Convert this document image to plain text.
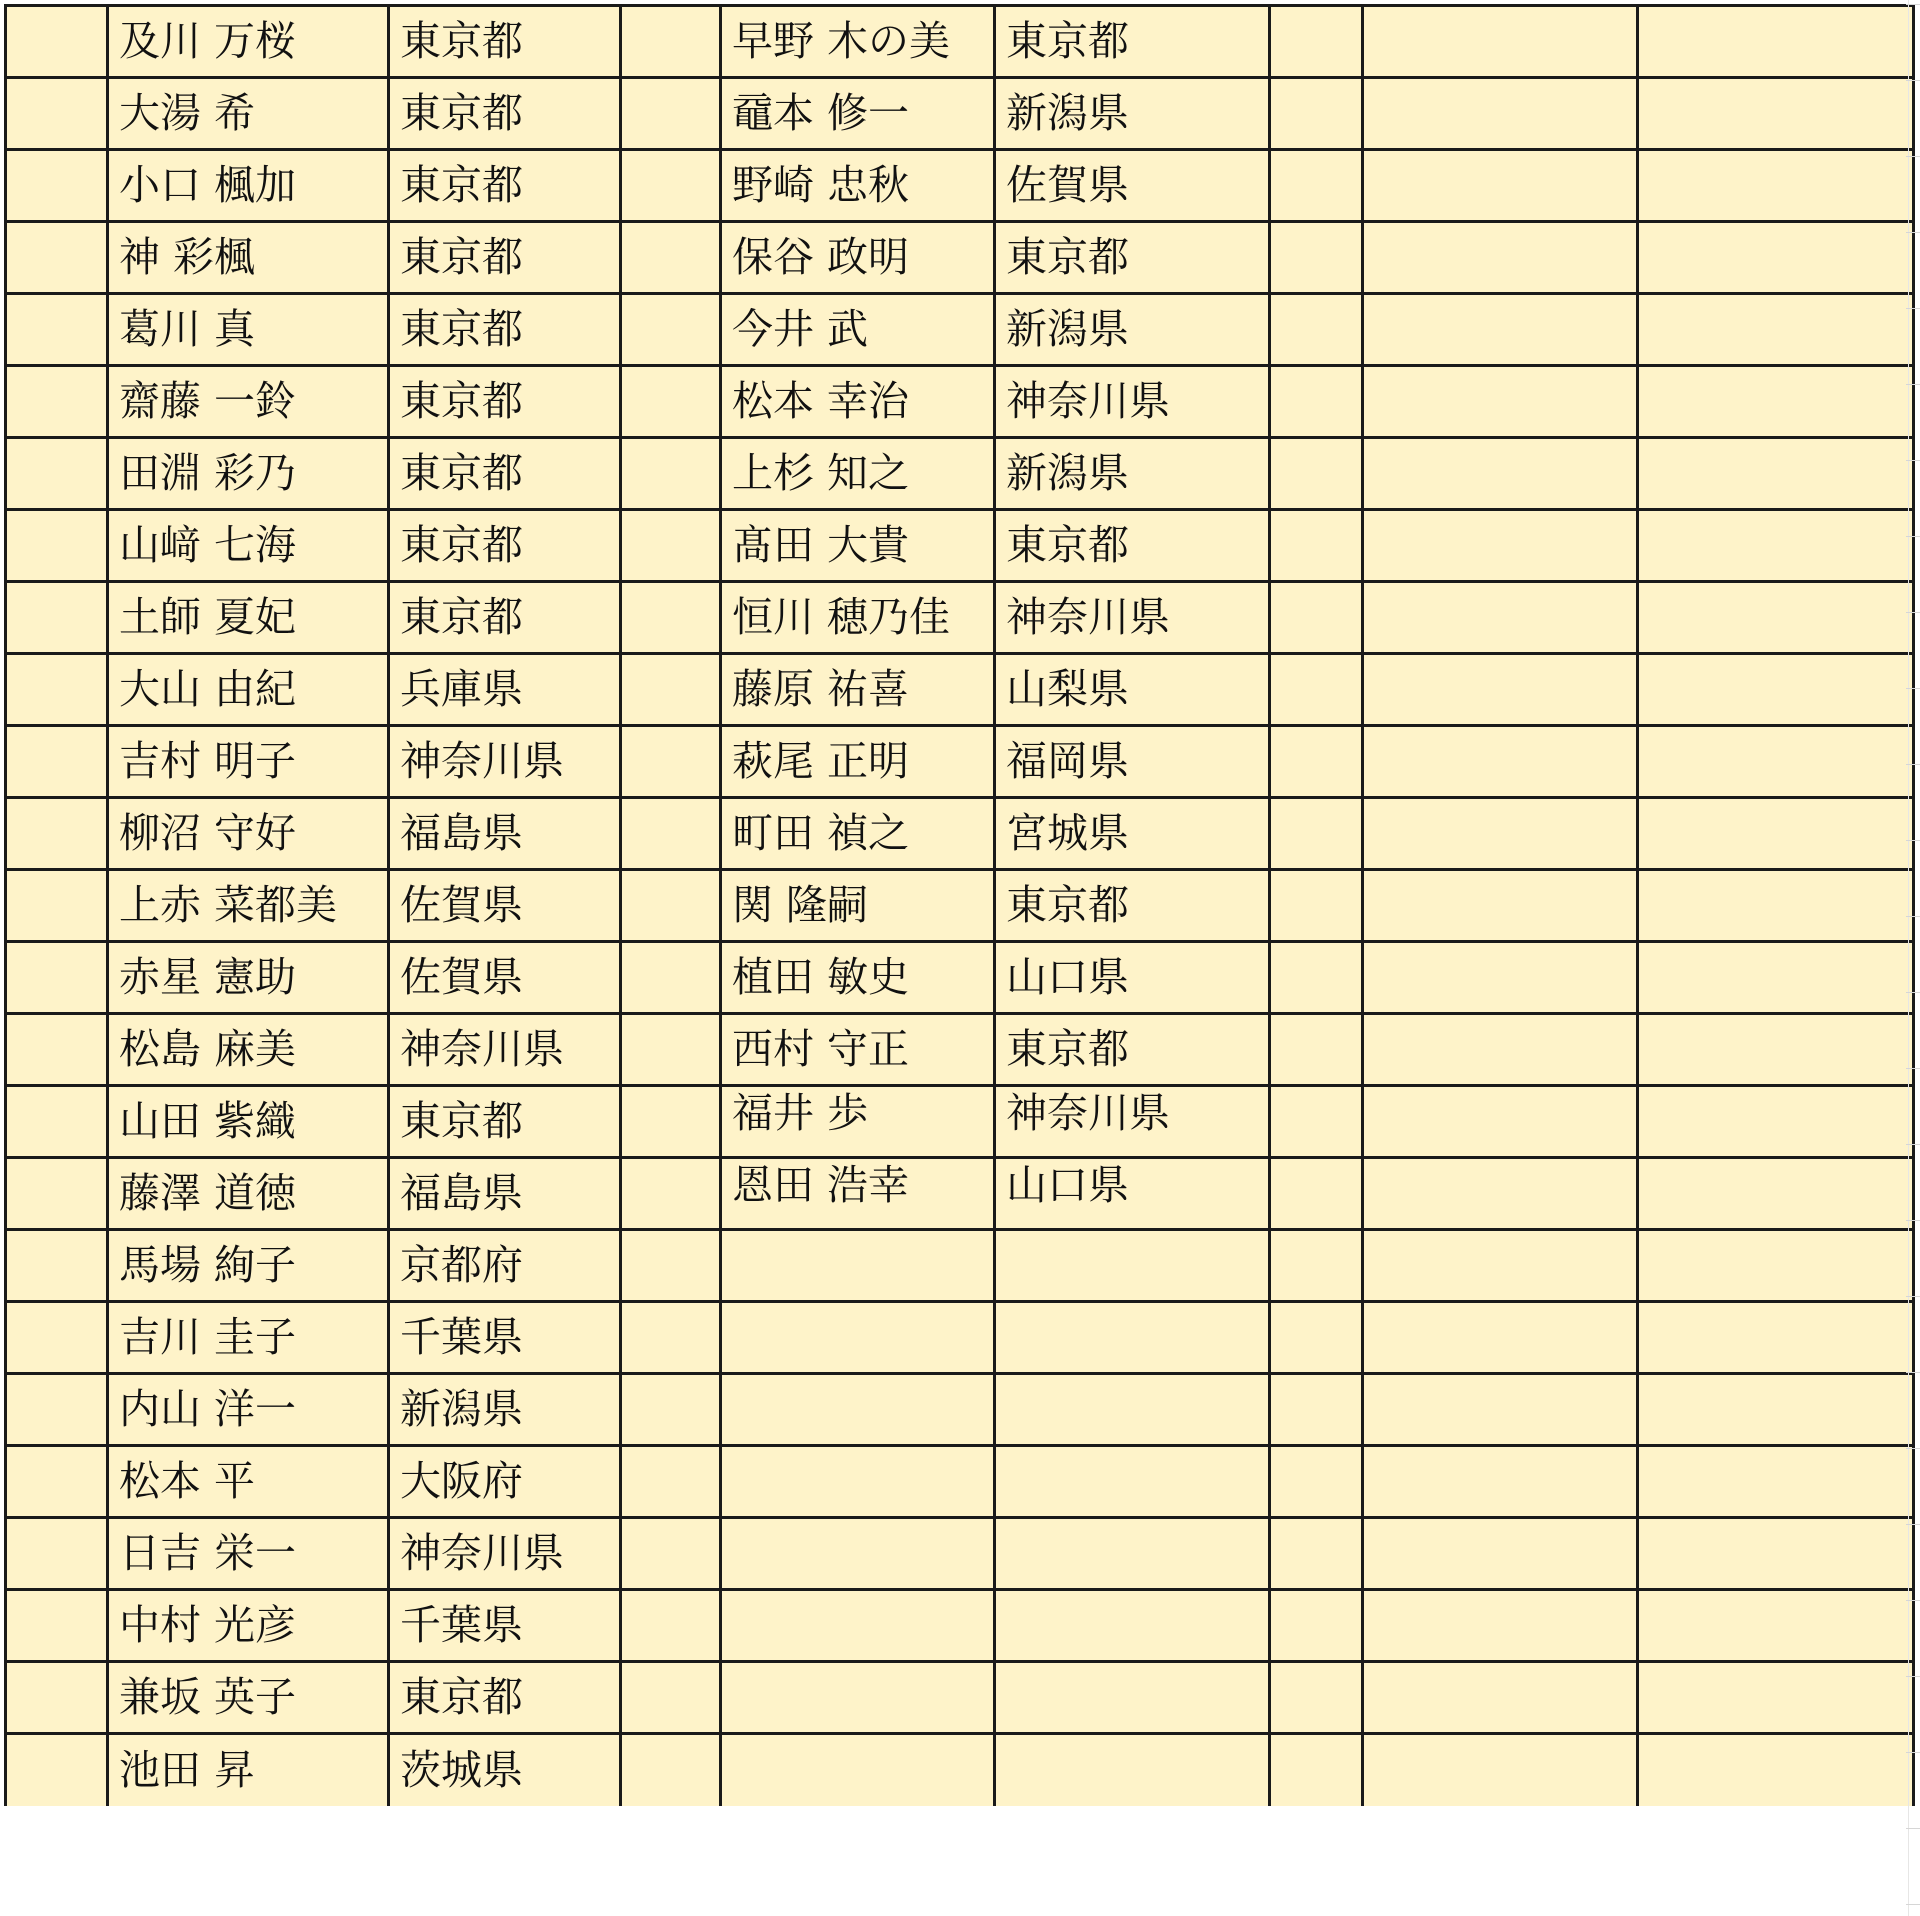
	及川 万桜	東京都		早野 木の美	東京都			
	大湯 希	東京都		黿本 修一	新潟県			
	小口 楓加	東京都		野崎 忠秋	佐賀県			
	神 彩楓	東京都		保谷 政明	東京都			
	葛川 真	東京都		今井 武	新潟県			
	齋藤 一鈴	東京都		松本 幸治	神奈川県			
	田淵 彩乃	東京都		上杉 知之	新潟県			
	山﨑 七海	東京都		髙田 大貴	東京都			
	土師 夏妃	東京都		恒川 穂乃佳	神奈川県			
	大山 由紀	兵庫県		藤原 祐喜	山梨県			
	吉村 明子	神奈川県		萩尾 正明	福岡県			
	柳沼 守好	福島県		町田 禎之	宮城県			
	上赤 菜都美	佐賀県		関 隆嗣	東京都			
	赤星 憲助	佐賀県		植田 敏史	山口県			
	松島 麻美	神奈川県		西村 守正	東京都			
	山田 紫織	東京都		福井 歩	神奈川県			
	藤澤 道徳	福島県		恩田 浩幸	山口県			
	馬場 絢子	京都府						
	吉川 圭子	千葉県						
	内山 洋一	新潟県						
	松本 平	大阪府						
	日吉 栄一	神奈川県						
	中村 光彦	千葉県						
	兼坂 英子	東京都						
	池田 昇	茨城県						
